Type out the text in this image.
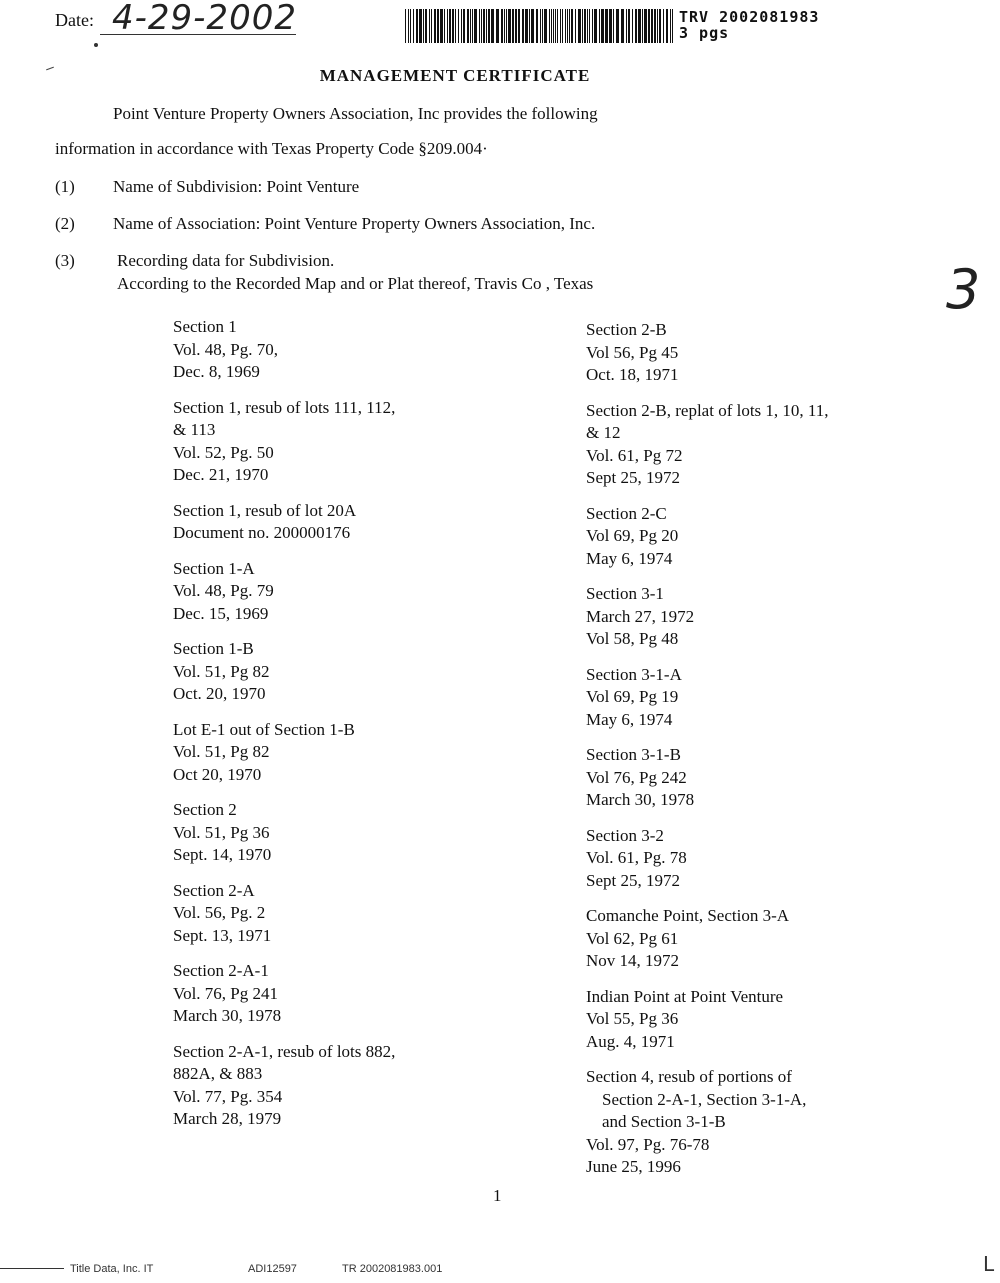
Date: 4-29-2002	TRV 2002081983
3 pgs
MANAGEMENT CERTIFICATE
Point Venture Property Owners Association, Inc provides the following
information in accordance with Texas Property Code §209.004·
(1) Name of Subdivision: Point Venture
(2) Name of Association: Point Venture Property Owners Association, Inc.
(3) Recording data for Subdivision.
According to the Recorded Map and or Plat thereof, Travis Co , Texas	3
Section 1
Vol. 48, Pg. 70,
Dec. 8, 1969
Section 1, resub of lots 111, 112,
& 113
Vol. 52, Pg. 50
Dec. 21, 1970
Section 1, resub of lot 20A
Document no. 200000176
Section 1-A
Vol. 48, Pg. 79
Dec. 15, 1969
Section 1-B
Vol. 51, Pg 82
Oct. 20, 1970
Lot E-1 out of Section 1-B
Vol. 51, Pg 82
Oct 20, 1970
Section 2
Vol. 51, Pg 36
Sept. 14, 1970
Section 2-A
Vol. 56, Pg. 2
Sept. 13, 1971
Section 2-A-1
Vol. 76, Pg 241
March 30, 1978
Section 2-A-1, resub of lots 882,
882A, & 883
Vol. 77, Pg. 354
March 28, 1979
Section 2-B
Vol 56, Pg 45
Oct. 18, 1971
Section 2-B, replat of lots 1, 10, 11,
& 12
Vol. 61, Pg 72
Sept 25, 1972
Section 2-C
Vol 69, Pg 20
May 6, 1974
Section 3-1
March 27, 1972
Vol 58, Pg 48
Section 3-1-A
Vol 69, Pg 19
May 6, 1974
Section 3-1-B
Vol 76, Pg 242
March 30, 1978
Section 3-2
Vol. 61, Pg. 78
Sept 25, 1972
Comanche Point, Section 3-A
Vol 62, Pg 61
Nov 14, 1972
Indian Point at Point Venture
Vol 55, Pg 36
Aug. 4, 1971
Section 4, resub of portions of
Section 2-A-1, Section 3-1-A,
and Section 3-1-B
Vol. 97, Pg. 76-78
June 25, 1996
1
Title Data, Inc. IT	ADI12597	TR 2002081983.001	L
